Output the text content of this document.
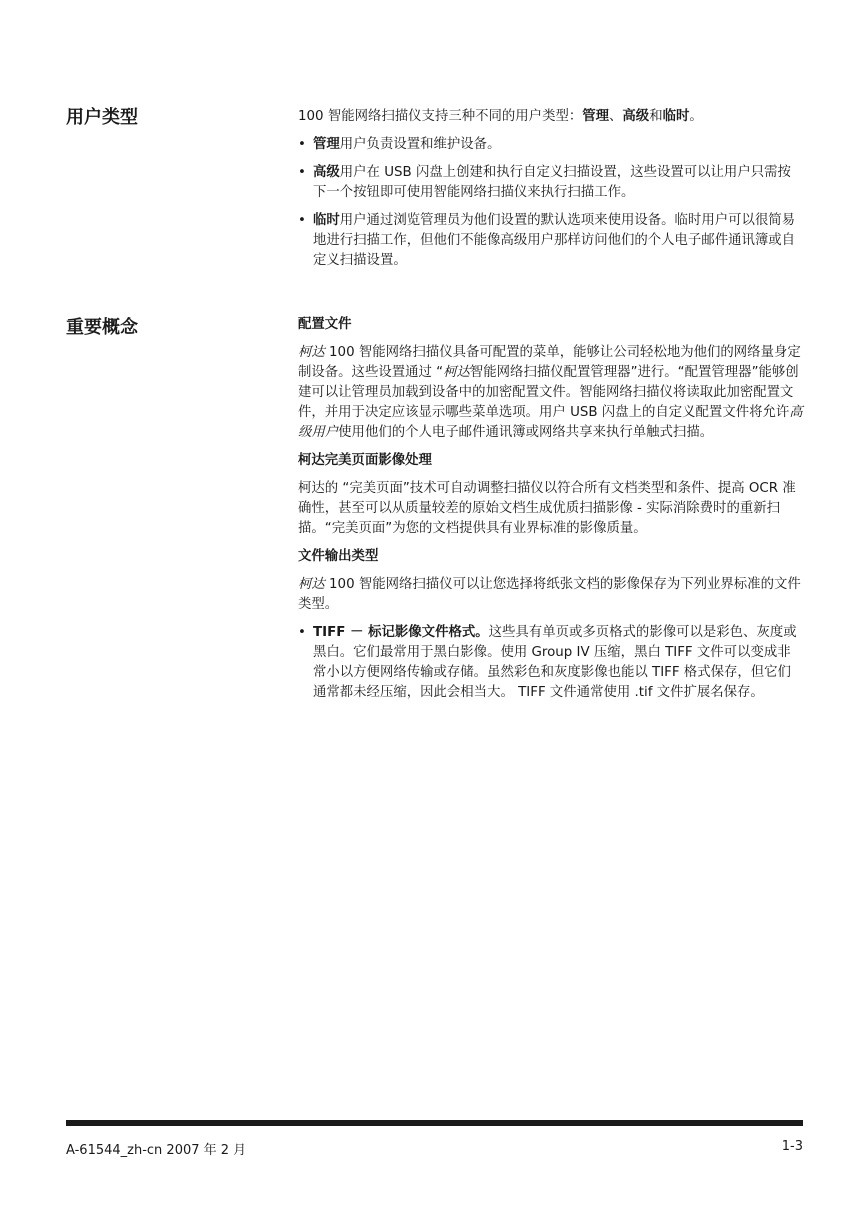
用户类型	100 智能网络扫描仪支持三种不同的用户类型：管理、高级和临时。

• 管理用户负责设置和维护设备。
• 高级用户在 USB 闪盘上创建和执行自定义扫描设置，这些设置可以让用户只需按下一个按钮即可使用智能网络扫描仪来执行扫描工作。
• 临时用户通过浏览管理员为他们设置的默认选项来使用设备。临时用户可以很简易地进行扫描工作，但他们不能像高级用户那样访问他们的个人电子邮件通讯簿或自定义扫描设置。
重要概念	配置文件

柯达 100 智能网络扫描仪具备可配置的菜单，能够让公司轻松地为他们的网络量身定制设备。这些设置通过 “柯达智能网络扫描仪配置管理器”进行。“配置管理器”能够创建可以让管理员加载到设备中的加密配置文件。智能网络扫描仪将读取此加密配置文件，并用于决定应该显示哪些菜单选项。用户 USB 闪盘上的自定义配置文件将允许高级用户使用他们的个人电子邮件通讯簿或网络共享来执行单触式扫描。

柯达完美页面影像处理

柯达的 “完美页面”技术可自动调整扫描仪以符合所有文档类型和条件、提高 OCR 准确性，甚至可以从质量较差的原始文档生成优质扫描影像 - 实际消除费时的重新扫描。“完美页面”为您的文档提供具有业界标准的影像质量。

文件输出类型

柯达 100 智能网络扫描仪可以让您选择将纸张文档的影像保存为下列业界标准的文件类型。

• TIFF － 标记影像文件格式。这些具有单页或多页格式的影像可以是彩色、灰度或黑白。它们最常用于黑白影像。使用 Group IV 压缩，黑白 TIFF 文件可以变成非常小以方便网络传输或存储。虽然彩色和灰度影像也能以 TIFF 格式保存，但它们通常都未经压缩，因此会相当大。 TIFF 文件通常使用 .tif 文件扩展名保存。
A-61544_zh-cn 2007 年 2 月	1-3
